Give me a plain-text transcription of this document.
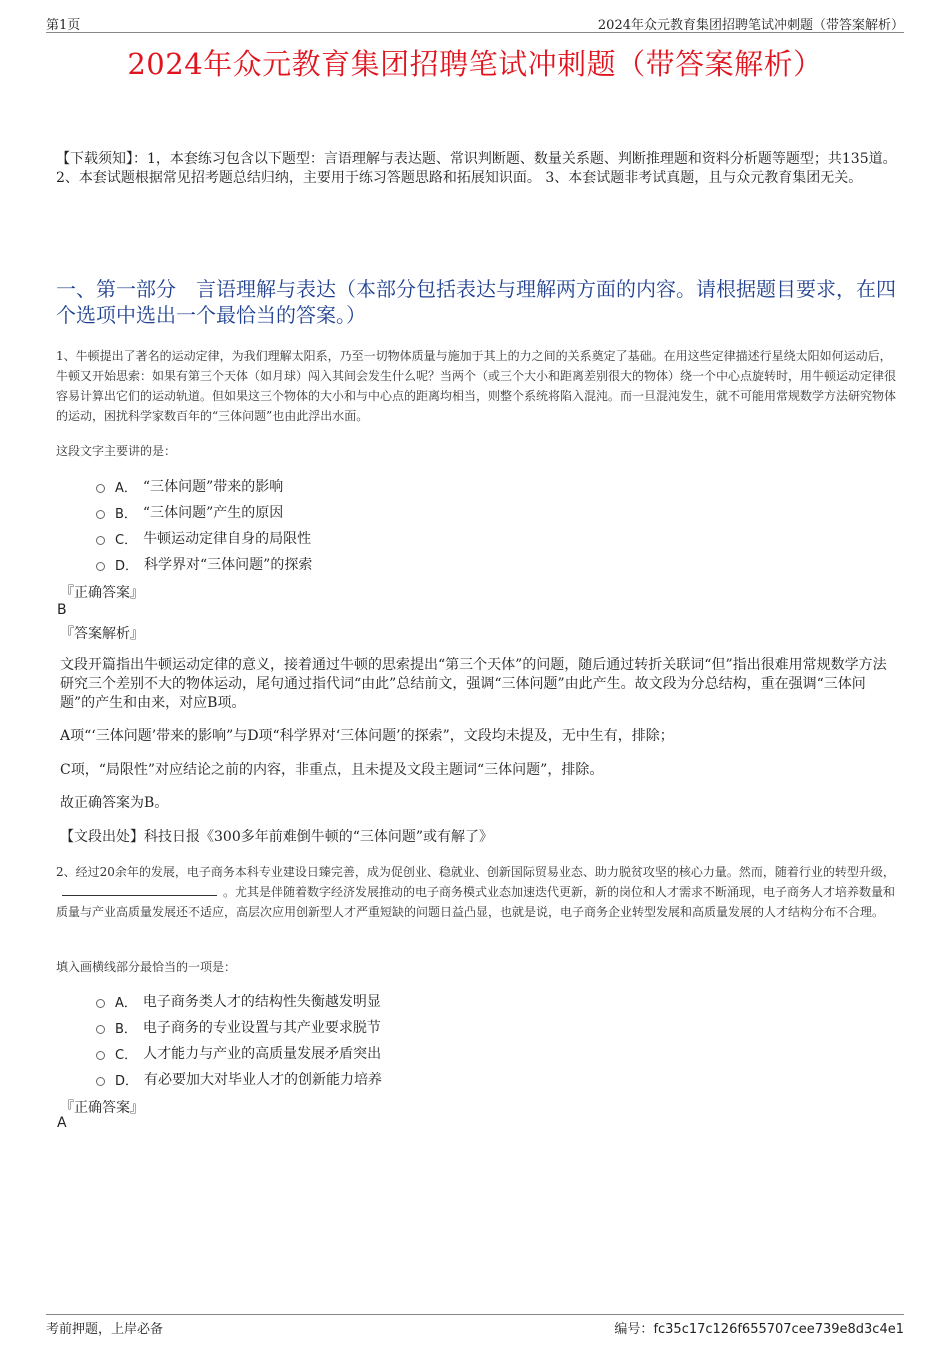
第1页	2024年众元教育集团招聘笔试冲刺题（带答案解析）
2024年众元教育集团招聘笔试冲刺题（带答案解析）
【下载须知】：1，本套练习包含以下题型：言语理解与表达题、常识判断题、数量关系题、判断推理题和资料分析题等题型；共135道。 2、本套试题根据常见招考题总结归纳，主要用于练习答题思路和拓展知识面。 3、本套试题非考试真题，且与众元教育集团无关。
一、第一部分　言语理解与表达（本部分包括表达与理解两方面的内容。请根据题目要求，在四个选项中选出一个最恰当的答案。）
1、牛顿提出了著名的运动定律，为我们理解太阳系，乃至一切物体质量与施加于其上的力之间的关系奠定了基础。在用这些定律描述行星绕太阳如何运动后，牛顿又开始思索：如果有第三个天体（如月球）闯入其间会发生什么呢？当两个（或三个大小和距离差别很大的物体）绕一个中心点旋转时，用牛顿运动定律很容易计算出它们的运动轨道。但如果这三个物体的大小和与中心点的距离均相当，则整个系统将陷入混沌。而一旦混沌发生，就不可能用常规数学方法研究物体的运动，困扰科学家数百年的“三体问题”也由此浮出水面。
这段文字主要讲的是：
A． “三体问题”带来的影响
B． “三体问题”产生的原因
C． 牛顿运动定律自身的局限性
D． 科学界对“三体问题”的探索
『正确答案』
B
『答案解析』
文段开篇指出牛顿运动定律的意义，接着通过牛顿的思索提出“第三个天体”的问题，随后通过转折关联词“但”指出很难用常规数学方法研究三个差别不大的物体运动，尾句通过指代词“由此”总结前文，强调“三体问题”由此产生。故文段为分总结构，重在强调“三体问题”的产生和由来，对应B项。
A项“‘三体问题’带来的影响”与D项“科学界对‘三体问题’的探索”，文段均未提及，无中生有，排除；
C项，“局限性”对应结论之前的内容，非重点，且未提及文段主题词“三体问题”，排除。
故正确答案为B。
【文段出处】科技日报《300多年前难倒牛顿的“三体问题”或有解了》
2、经过20余年的发展，电子商务本科专业建设日臻完善，成为促创业、稳就业、创新国际贸易业态、助力脱贫攻坚的核心力量。然而，随着行业的转型升级，。尤其是伴随着数字经济发展推动的电子商务模式业态加速迭代更新，新的岗位和人才需求不断涌现，电子商务人才培养数量和质量与产业高质量发展还不适应，高层次应用创新型人才严重短缺的问题日益凸显，也就是说，电子商务企业转型发展和高质量发展的人才结构分布不合理。
填入画横线部分最恰当的一项是：
A． 电子商务类人才的结构性失衡越发明显
B． 电子商务的专业设置与其产业要求脱节
C． 人才能力与产业的高质量发展矛盾突出
D． 有必要加大对毕业人才的创新能力培养
『正确答案』
A
考前押题，上岸必备	编号：fc35c17c126f655707cee739e8d3c4e1
